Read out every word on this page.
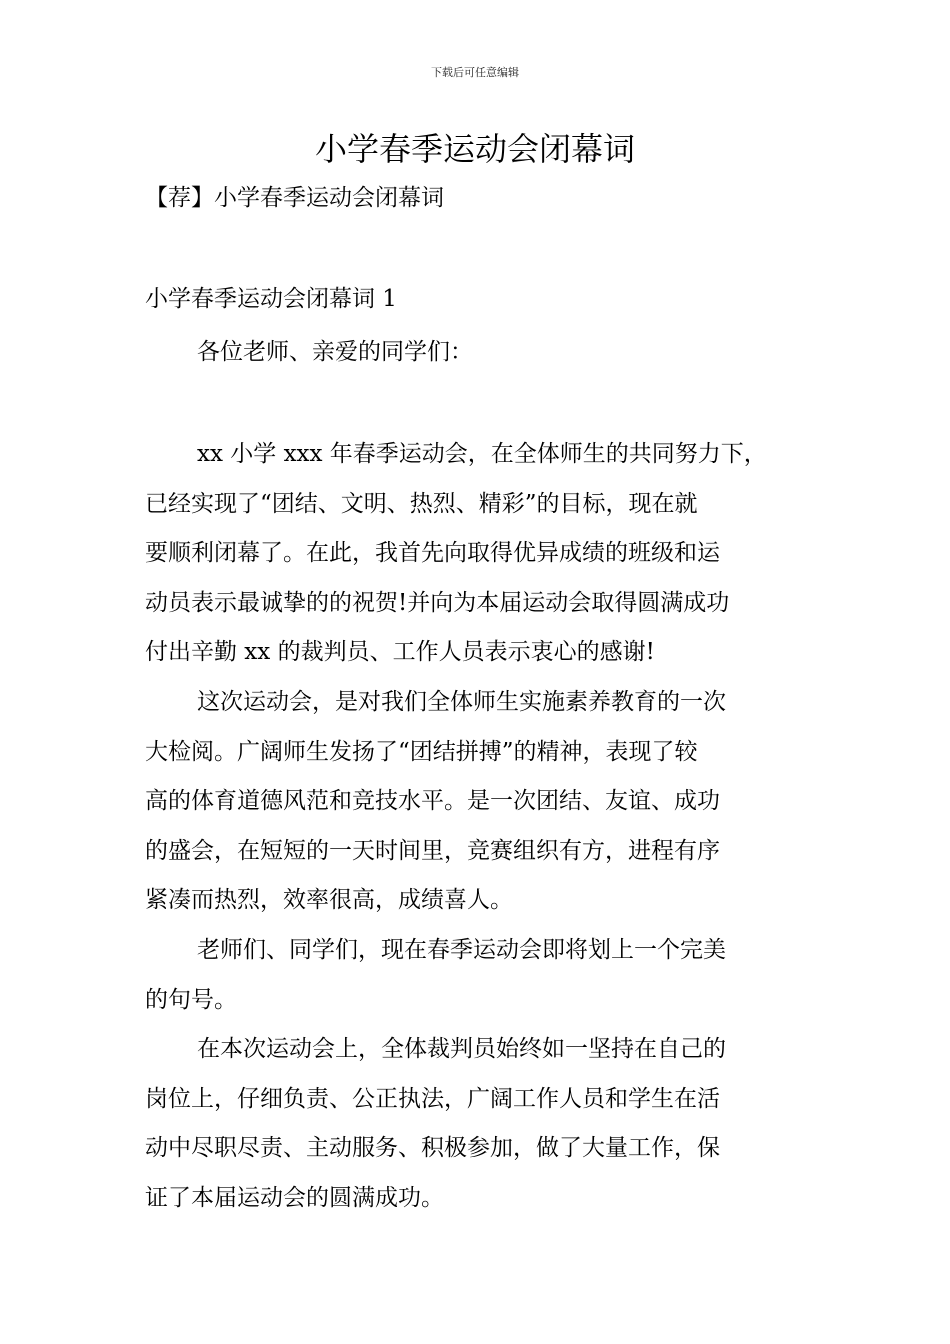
下载后可任意编辑
小学春季运动会闭幕词

【荐】小学春季运动会闭幕词

小学春季运动会闭幕词 1

各位老师、亲爱的同学们：

xx 小学 xxx 年春季运动会，在全体师生的共同努力下，
已经实现了“团结、文明、热烈、精彩”的目标，现在就
要顺利闭幕了。在此，我首先向取得优异成绩的班级和运
动员表示最诚挚的的祝贺!并向为本届运动会取得圆满成功
付出辛勤 xx 的裁判员、工作人员表示衷心的感谢!

这次运动会，是对我们全体师生实施素养教育的一次
大检阅。广阔师生发扬了“团结拼搏”的精神，表现了较
高的体育道德风范和竞技水平。是一次团结、友谊、成功
的盛会，在短短的一天时间里，竞赛组织有方，进程有序
紧凑而热烈，效率很高，成绩喜人。

老师们、同学们，现在春季运动会即将划上一个完美
的句号。

在本次运动会上，全体裁判员始终如一坚持在自己的
岗位上，仔细负责、公正执法，广阔工作人员和学生在活
动中尽职尽责、主动服务、积极参加，做了大量工作，保
证了本届运动会的圆满成功。
